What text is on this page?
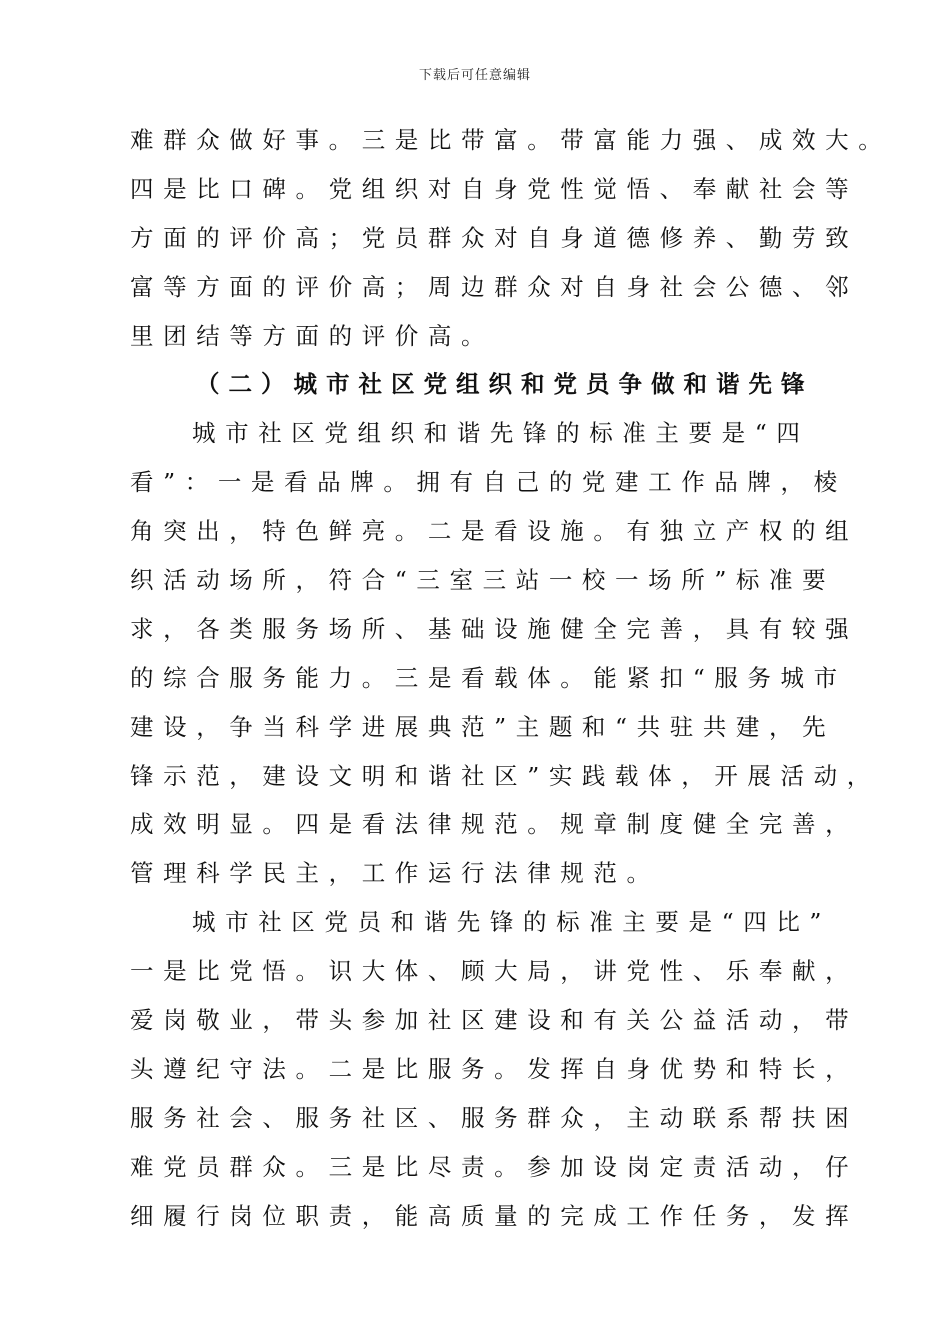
下载后可任意编辑
难群众做好事。三是比带富。带富能力强、成效大。
四是比口碑。党组织对自身党性觉悟、奉献社会等
方面的评价高；党员群众对自身道德修养、勤劳致
富等方面的评价高；周边群众对自身社会公德、邻
里团结等方面的评价高。
（二）城市社区党组织和党员争做和谐先锋
城市社区党组织和谐先锋的标准主要是“四
看”：一是看品牌。拥有自己的党建工作品牌，棱
角突出，特色鲜亮。二是看设施。有独立产权的组
织活动场所，符合“三室三站一校一场所”标准要
求，各类服务场所、基础设施健全完善，具有较强
的综合服务能力。三是看载体。能紧扣“服务城市
建设，争当科学进展典范”主题和“共驻共建，先
锋示范，建设文明和谐社区”实践载体，开展活动，
成效明显。四是看法律规范。规章制度健全完善，
管理科学民主，工作运行法律规范。
城市社区党员和谐先锋的标准主要是“四比”
一是比党悟。识大体、顾大局，讲党性、乐奉献，
爱岗敬业，带头参加社区建设和有关公益活动，带
头遵纪守法。二是比服务。发挥自身优势和特长，
服务社会、服务社区、服务群众，主动联系帮扶困
难党员群众。三是比尽责。参加设岗定责活动，仔
细履行岗位职责，能高质量的完成工作任务，发挥
